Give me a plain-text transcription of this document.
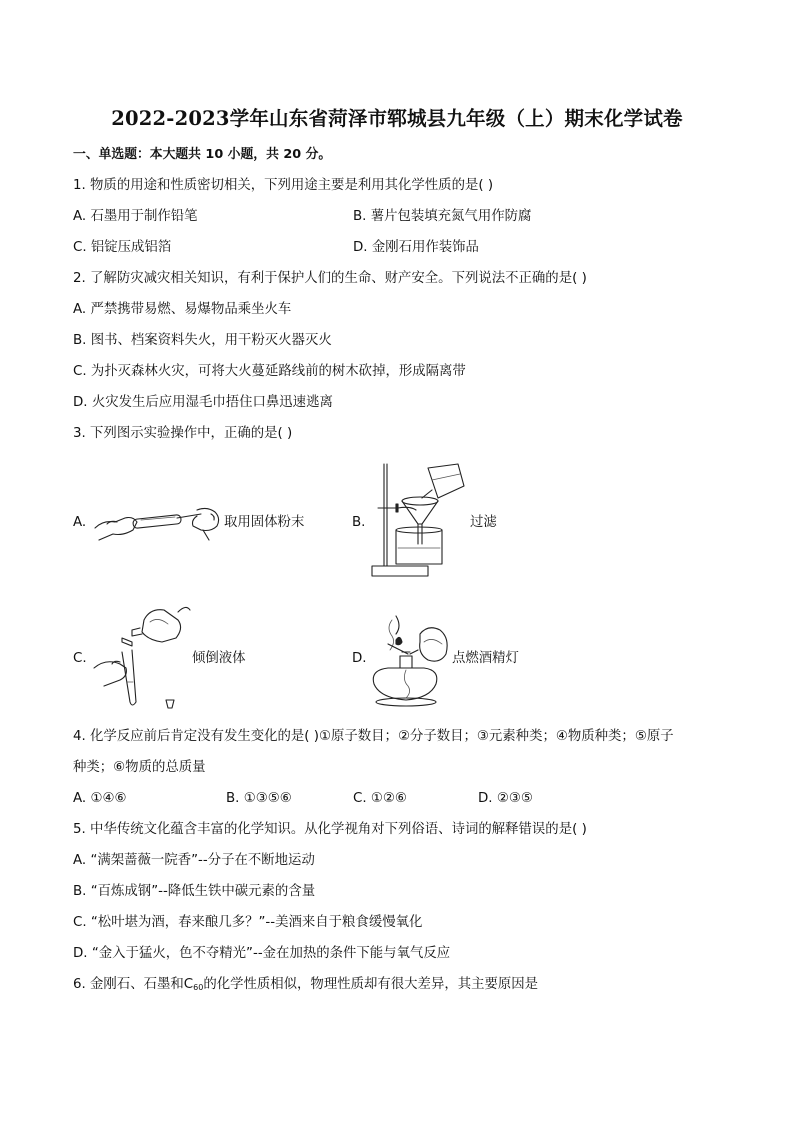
2022-2023学年山东省菏泽市郓城县九年级（上）期末化学试卷
一、单选题：本大题共 10 小题，共 20 分。
1. 物质的用途和性质密切相关，下列用途主要是利用其化学性质的是( )
A. 石墨用于制作铅笔	B. 薯片包装填充氮气用作防腐
C. 铝锭压成铝箔	D. 金刚石用作装饰品
2. 了解防灾减灾相关知识，有利于保护人们的生命、财产安全。下列说法不正确的是( )
A. 严禁携带易燃、易爆物品乘坐火车
B. 图书、档案资料失火，用干粉灭火器灭火
C. 为扑灭森林火灾，可将大火蔓延路线前的树木砍掉，形成隔离带
D. 火灾发生后应用湿毛巾捂住口鼻迅速逃离
3. 下列图示实验操作中，正确的是( )
A.	取用固体粉末	B.	过滤
C.	倾倒液体	D.	点燃酒精灯
4. 化学反应前后肯定没有发生变化的是( )①原子数目；②分子数目；③元素种类；④物质种类；⑤原子
种类；⑥物质的总质量
A. ①④⑥	B. ①③⑤⑥	C. ①②⑥	D. ②③⑤
5. 中华传统文化蕴含丰富的化学知识。从化学视角对下列俗语、诗词的解释错误的是( )
A. “满架蔷薇一院香”--分子在不断地运动
B. “百炼成钢”--降低生铁中碳元素的含量
C. “松叶堪为酒，春来酿几多？”--美酒来自于粮食缓慢氧化
D. “金入于猛火，色不夺精光”--金在加热的条件下能与氧气反应
6. 金刚石、石墨和$C_{60}$的化学性质相似，物理性质却有很大差异，其主要原因是
